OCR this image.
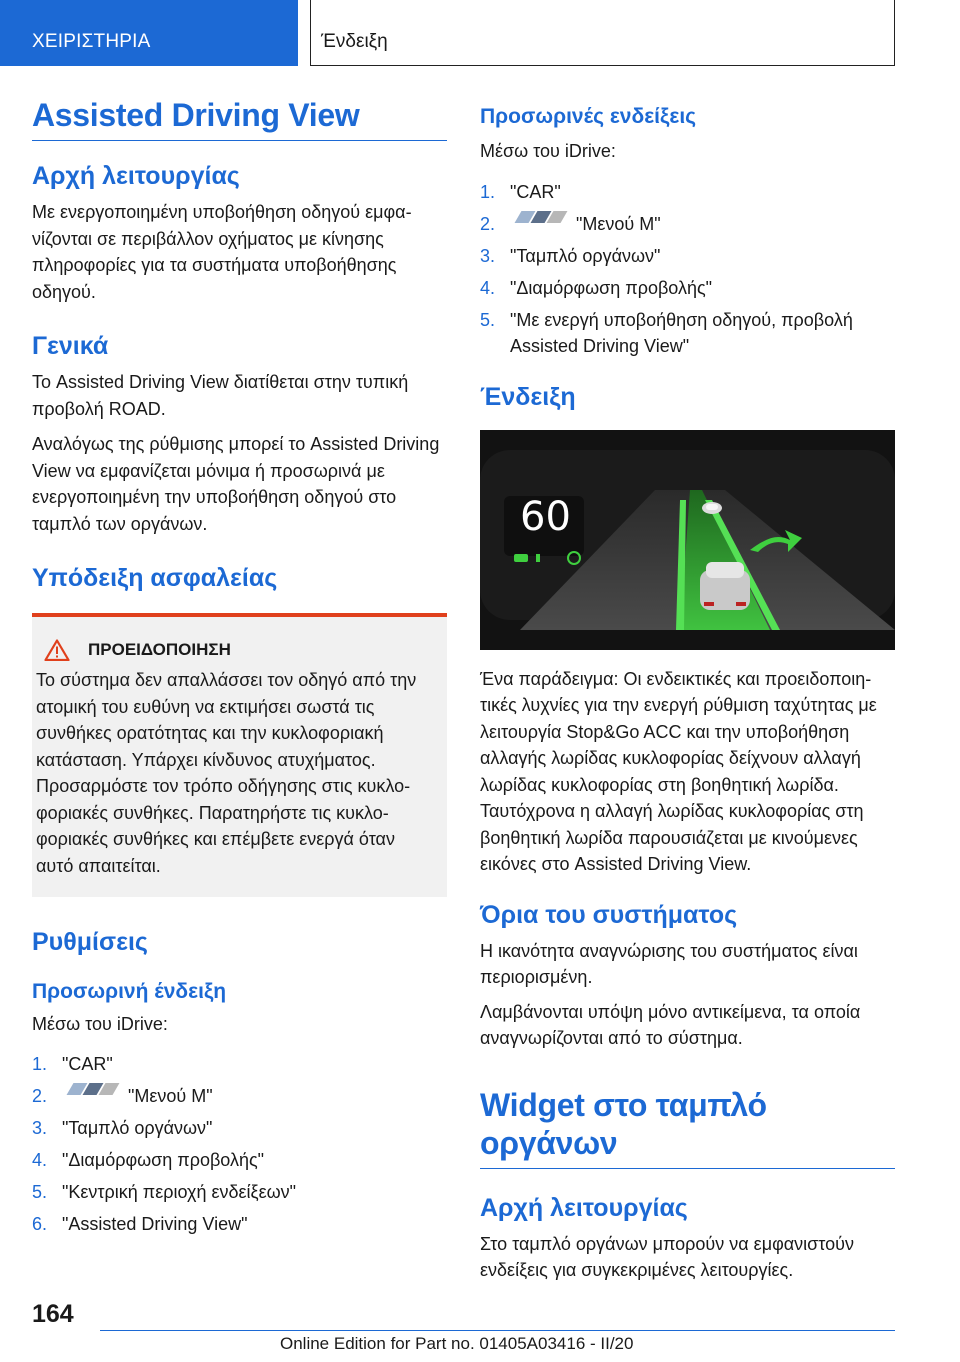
ΧΕΙΡΙΣΤΗΡΙΑ	Ένδειξη
Assisted Driving View
Αρχή λειτουργίας

Με ενεργοποιημένη υποβοήθηση οδηγού εμφανίζονται σε περιβάλλον οχήματος με κίνησης πληροφορίες για τα συστήματα υποβοήθησης οδηγού.

Γενικά

Το Assisted Driving View διατίθεται στην τυπική προβολή ROAD.

Αναλόγως της ρύθμισης μπορεί το Assisted Driving View να εμφανίζεται μόνιμα ή προσωρινά με ενεργοποιημένη την υποβοήθηση οδηγού στο ταμπλό των οργάνων.

Υπόδειξη ασφαλείας
ΠΡΟΕΙΔΟΠΟΙΗΣΗ

Το σύστημα δεν απαλλάσσει τον οδηγό από την ατομική του ευθύνη να εκτιμήσει σωστά τις συνθήκες ορατότητας και την κυκλοφοριακή κατάσταση. Υπάρχει κίνδυνος ατυχήματος. Προσαρμόστε τον τρόπο οδήγησης στις κυκλοφοριακές συνθήκες. Παρατηρήστε τις κυκλοφοριακές συνθήκες και επέμβετε ενεργά όταν αυτό απαιτείται.

Ρυθμίσεις
Προσωρινή ένδειξη

Μέσω του iDrive:

1. "CAR"
2.	"Μενού M"
3. "Ταμπλό οργάνων"
4. "Διαμόρφωση προβολής"
5. "Κεντρική περιοχή ενδείξεων"
6. "Assisted Driving View"
Προσωρινές ενδείξεις

Μέσω του iDrive:

1. "CAR"
2.	"Μενού M"
3. "Ταμπλό οργάνων"
4. "Διαμόρφωση προβολής"
5. "Με ενεργή υποβοήθηση οδηγού, προβολή Assisted Driving View"
Ένδειξη
60

Ένα παράδειγμα: Οι ενδεικτικές και προειδοποιητικές λυχνίες για την ενεργή ρύθμιση ταχύτητας με λειτουργία Stop&Go ACC και την υποβοήθηση αλλαγής λωρίδας κυκλοφορίας δείχνουν αλλαγή λωρίδας κυκλοφορίας στη βοηθητική λωρίδα. Ταυτόχρονα η αλλαγή λωρίδας κυκλοφορίας στη βοηθητική λωρίδα παρουσιάζεται με κινούμενες εικόνες στο Assisted Driving View.

Όρια του συστήματος

Η ικανότητα αναγνώρισης του συστήματος είναι περιορισμένη.

Λαμβάνονται υπόψη μόνο αντικείμενα, τα οποία αναγνωρίζονται από το σύστημα.

Widget στο ταμπλό οργάνων
Αρχή λειτουργίας

Στο ταμπλό οργάνων μπορούν να εμφανιστούν ενδείξεις για συγκεκριμένες λειτουργίες.

164
Online Edition for Part no. 01405A03416 - II/20
